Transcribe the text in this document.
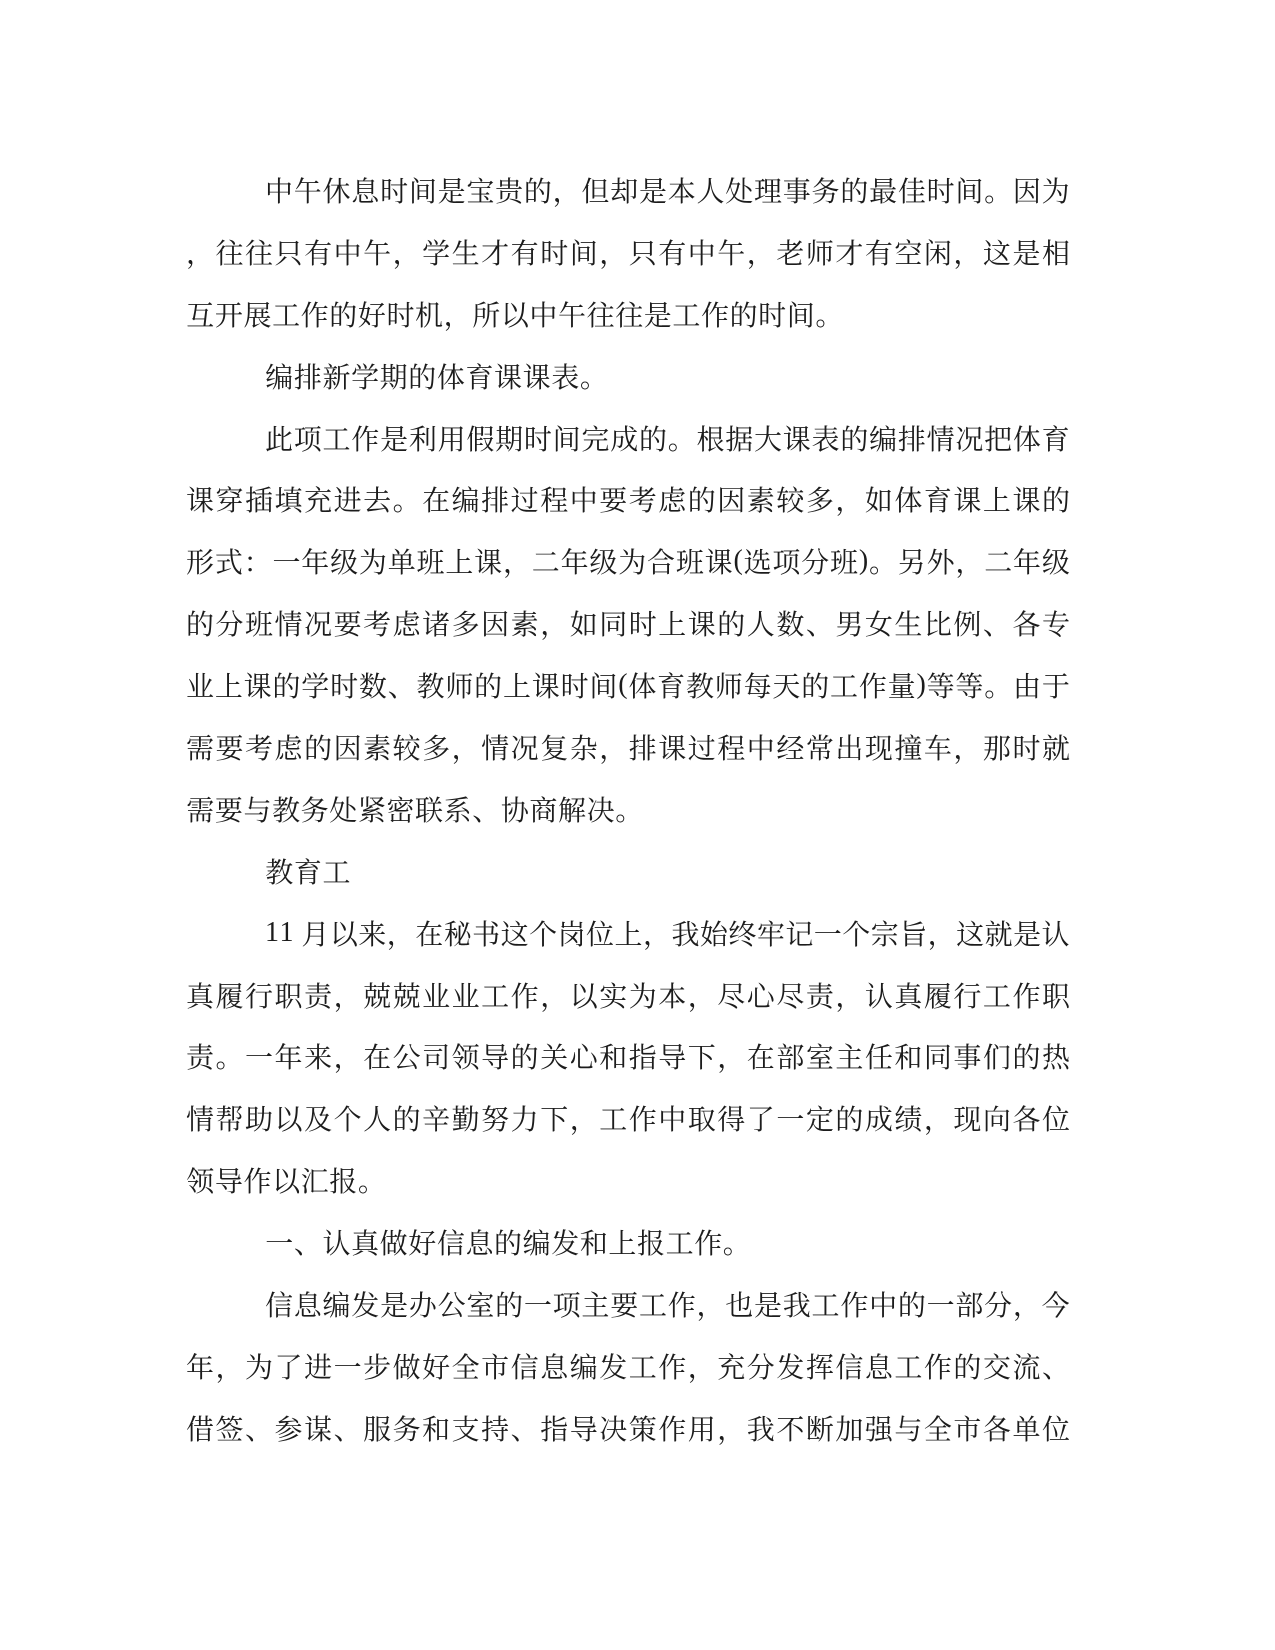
中 午 休 息 时 间 是 宝 贵 的 ， 但 却 是 本 人 处 理 事 务 的 最 佳 时 间 。 因 为
， 往 往 只 有 中 午 ， 学 生 才 有 时 间 ， 只 有 中 午 ， 老 师 才 有 空 闲 ， 这 是 相
互 开 展 工 作 的 好 时 机 ， 所 以 中 午 往 往 是 工 作 的 时 间 。
编 排 新 学 期 的 体 育 课 课 表 。
此 项 工 作 是 利 用 假 期 时 间 完 成 的 。 根 据 大 课 表 的 编 排 情 况 把 体 育
课 穿 插 填 充 进 去 。 在 编 排 过 程 中 要 考 虑 的 因 素 较 多 ， 如 体 育 课 上 课 的
形 式 ： 一 年 级 为 单 班 上 课 ， 二 年 级 为 合 班 课 ( 选 项 分 班 ) 。 另 外 ， 二 年 级
的 分 班 情 况 要 考 虑 诸 多 因 素 ， 如 同 时 上 课 的 人 数 、 男 女 生 比 例 、 各 专
业 上 课 的 学 时 数 、 教 师 的 上 课 时 间 ( 体 育 教 师 每 天 的 工 作 量 ) 等 等 。 由 于
需 要 考 虑 的 因 素 较 多 ， 情 况 复 杂 ， 排 课 过 程 中 经 常 出 现 撞 车 ， 那 时 就
需 要 与 教 务 处 紧 密 联 系 、 协 商 解 决 。
教 育 工
1 1
月 以 来 ， 在 秘 书 这 个 岗 位 上 ， 我 始 终 牢 记 一 个 宗 旨 ， 这 就 是 认
真 履 行 职 责 ， 兢 兢 业 业 工 作 ， 以 实 为 本 ， 尽 心 尽 责 ， 认 真 履 行 工 作 职
责 。 一 年 来 ， 在 公 司 领 导 的 关 心 和 指 导 下 ， 在 部 室 主 任 和 同 事 们 的 热
情 帮 助 以 及 个 人 的 辛 勤 努 力 下 ， 工 作 中 取 得 了 一 定 的 成 绩 ， 现 向 各 位
领 导 作 以 汇 报 。
一 、 认 真 做 好 信 息 的 编 发 和 上 报 工 作 。
信 息 编 发 是 办 公 室 的 一 项 主 要 工 作 ， 也 是 我 工 作 中 的 一 部 分 ， 今
年 ， 为 了 进 一 步 做 好 全 市 信 息 编 发 工 作 ， 充 分 发 挥 信 息 工 作 的 交 流 、
借 签 、 参 谋 、 服 务 和 支 持 、 指 导 决 策 作 用 ， 我 不 断 加 强 与 全 市 各 单 位
